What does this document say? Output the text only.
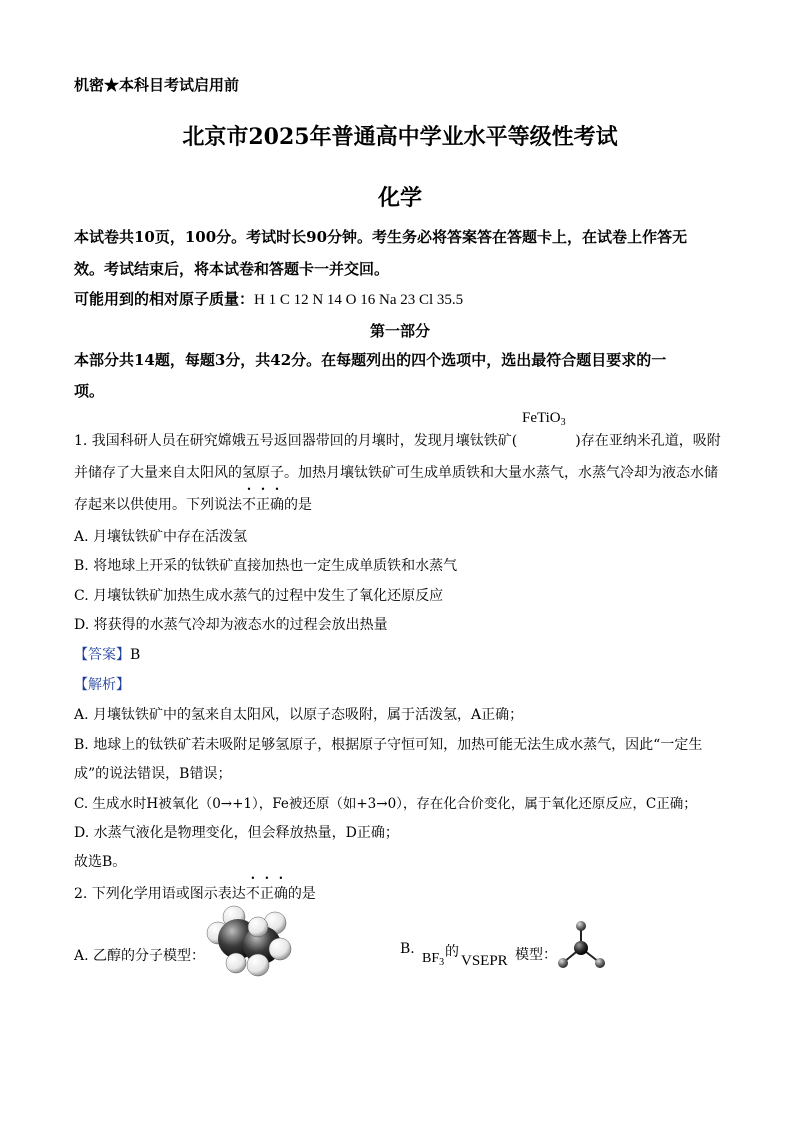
机密★本科目考试启用前
北京市2025年普通高中学业水平等级性考试
化学
本试卷共10页，100分。考试时长90分钟。考生务必将答案答在答题卡上，在试卷上作答无
效。考试结束后，将本试卷和答题卡一并交回。
可能用到的相对原子质量：H 1 C 12 N 14 O 16 Na 23 Cl 35.5
第一部分
本部分共14题，每题3分，共42分。在每题列出的四个选项中，选出最符合题目要求的一
项。
FeTiO$_3$
1. 我国科研人员在研究嫦娥五号返回器带回的月壤时，发现月壤钛铁矿(	)存在亚纳米孔道，吸附
并储存了大量来自太阳风的氢原子。加热月壤钛铁矿可生成单质铁和大量水蒸气，水蒸气冷却为液态水储
存起来以供使用。下列说法不正确的是
A. 月壤钛铁矿中存在活泼氢
B. 将地球上开采的钛铁矿直接加热也一定生成单质铁和水蒸气
C. 月壤钛铁矿加热生成水蒸气的过程中发生了氧化还原反应
D. 将获得的水蒸气冷却为液态水的过程会放出热量
【答案】B
【解析】
A. 月壤钛铁矿中的氢来自太阳风，以原子态吸附，属于活泼氢，A正确；
B. 地球上的钛铁矿若未吸附足够氢原子，根据原子守恒可知，加热可能无法生成水蒸气，因此“一定生
成”的说法错误，B错误；
C. 生成水时H被氧化（0→+1），Fe被还原（如+3→0），存在化合价变化，属于氧化还原反应，C正确；
D. 水蒸气液化是物理变化，但会释放热量，D正确；
故选B。
2. 下列化学用语或图示表达不正确的是
A. 乙醇的分子模型：	B.
$BF_3$
的
VSEPR 模型：
